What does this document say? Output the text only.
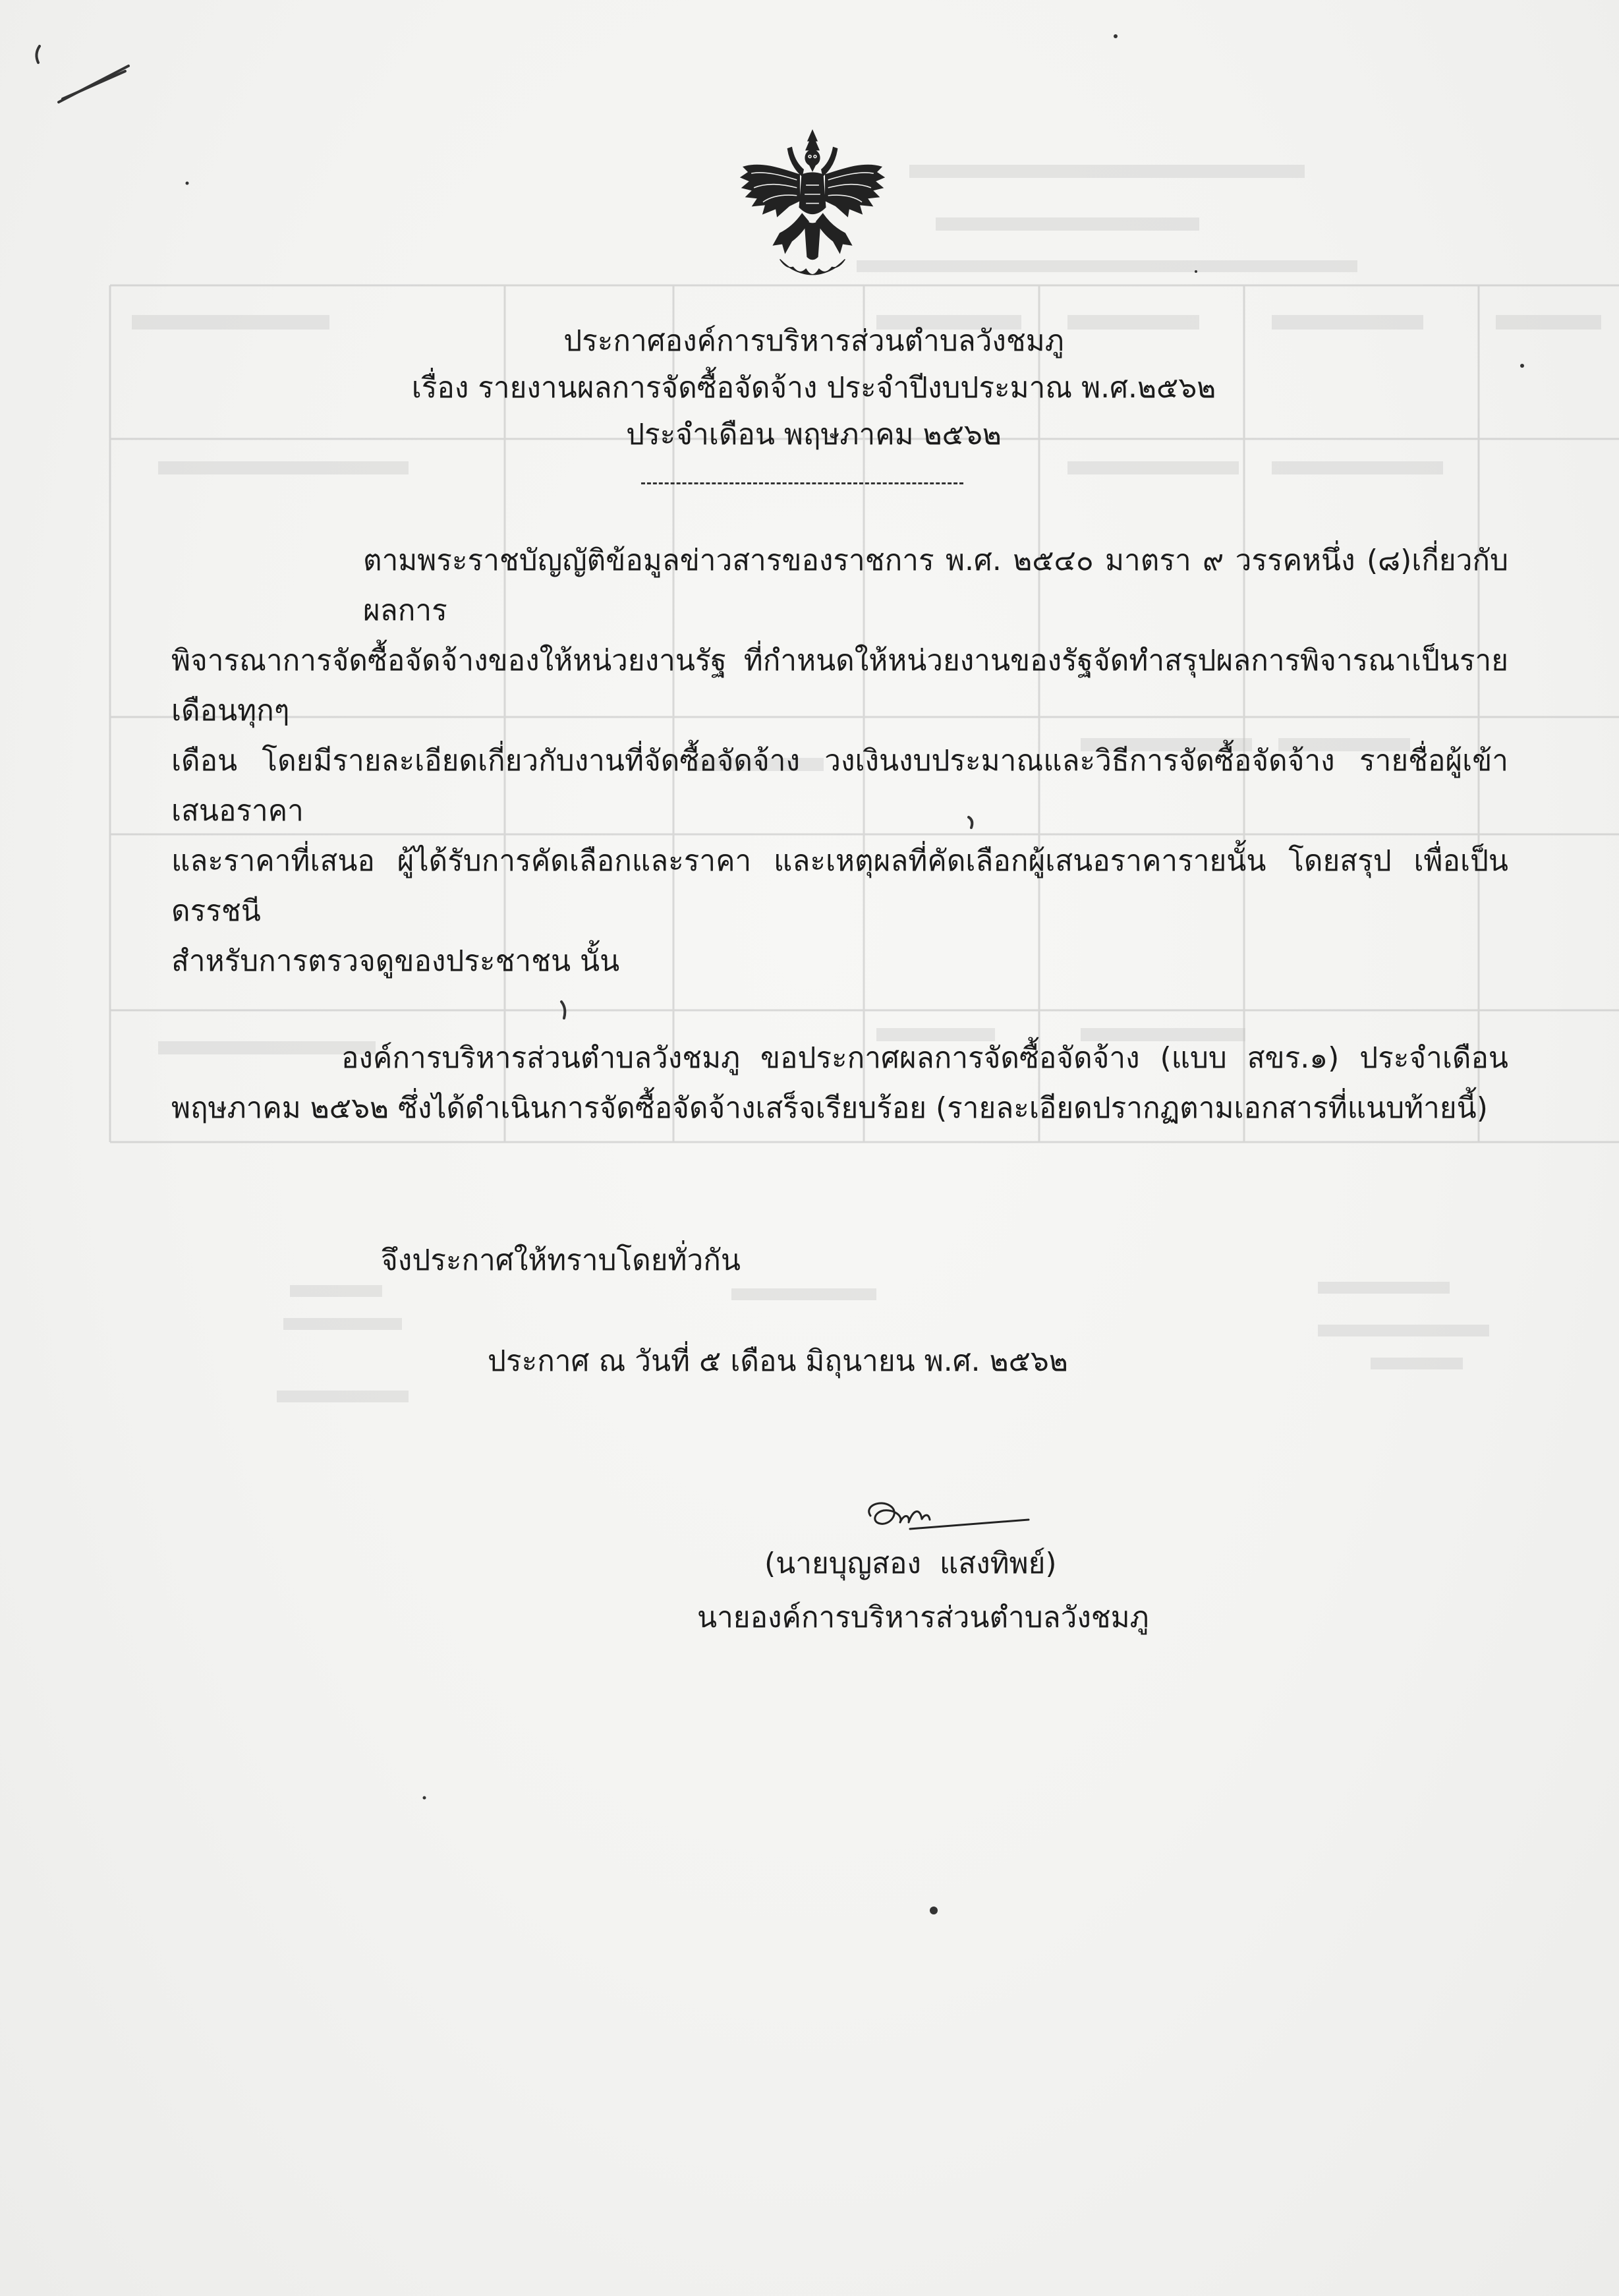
ประกาศองค์การบริหารส่วนตำบลวังชมภู
เรื่อง รายงานผลการจัดซื้อจัดจ้าง ประจำปีงบประมาณ พ.ศ.๒๕๖๒
ประจำเดือน พฤษภาคม ๒๕๖๒
ตามพระราชบัญญัติข้อมูลข่าวสารของราชการ พ.ศ. ๒๕๔๐ มาตรา ๙ วรรคหนึ่ง (๘)เกี่ยวกับผลการ
พิจารณาการจัดซื้อจัดจ้างของให้หน่วยงานรัฐ ที่กำหนดให้หน่วยงานของรัฐจัดทำสรุปผลการพิจารณาเป็นรายเดือนทุกๆ
เดือน โดยมีรายละเอียดเกี่ยวกับงานที่จัดซื้อจัดจ้าง วงเงินงบประมาณและวิธีการจัดซื้อจัดจ้าง รายชื่อผู้เข้าเสนอราคา
และราคาที่เสนอ ผู้ได้รับการคัดเลือกและราคา และเหตุผลที่คัดเลือกผู้เสนอราคารายนั้น โดยสรุป เพื่อเป็นดรรชนี
สำหรับการตรวจดูของประชาชน นั้น
องค์การบริหารส่วนตำบลวังชมภู ขอประกาศผลการจัดซื้อจัดจ้าง (แบบ สขร.๑) ประจำเดือน
พฤษภาคม ๒๕๖๒ ซึ่งได้ดำเนินการจัดซื้อจัดจ้างเสร็จเรียบร้อย (รายละเอียดปรากฏตามเอกสารที่แนบท้ายนี้)
จึงประกาศให้ทราบโดยทั่วกัน
ประกาศ ณ วันที่ ๕ เดือน มิถุนายน พ.ศ. ๒๕๖๒
(นายบุญสอง  แสงทิพย์)
นายองค์การบริหารส่วนตำบลวังชมภู
